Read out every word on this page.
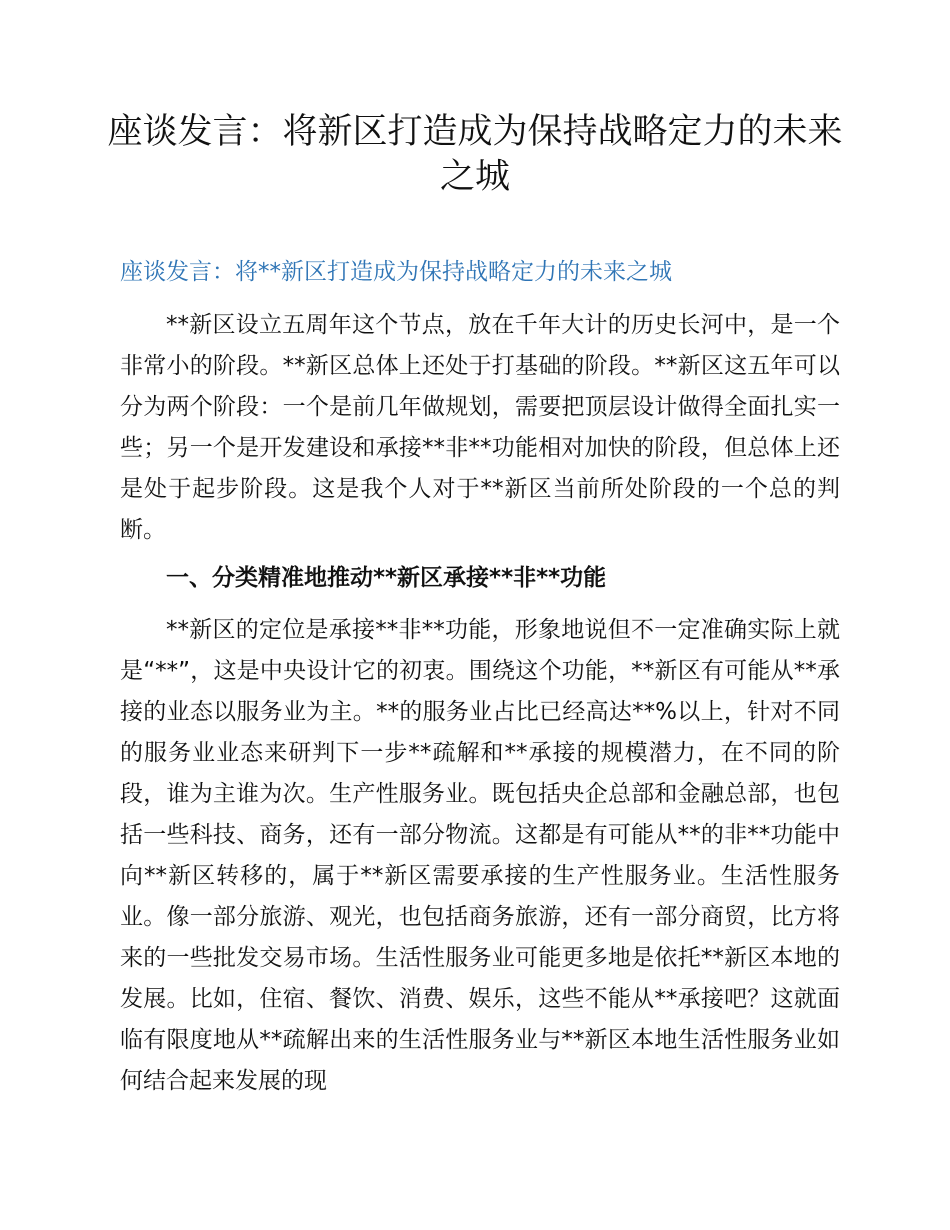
座谈发言：将新区打造成为保持战略定力的未来之城
座谈发言：将**新区打造成为保持战略定力的未来之城

**新区设立五周年这个节点，放在千年大计的历史长河中，是一个非常小的阶段。**新区总体上还处于打基础的阶段。**新区这五年可以分为两个阶段：一个是前几年做规划，需要把顶层设计做得全面扎实一些；另一个是开发建设和承接**非**功能相对加快的阶段，但总体上还是处于起步阶段。这是我个人对于**新区当前所处阶段的一个总的判断。

一、分类精准地推动**新区承接**非**功能

**新区的定位是承接**非**功能，形象地说但不一定准确实际上就是“**”，这是中央设计它的初衷。围绕这个功能，**新区有可能从**承接的业态以服务业为主。**的服务业占比已经高达**%以上，针对不同的服务业业态来研判下一步**疏解和**承接的规模潜力，在不同的阶段，谁为主谁为次。生产性服务业。既包括央企总部和金融总部，也包括一些科技、商务，还有一部分物流。这都是有可能从**的非**功能中向**新区转移的，属于**新区需要承接的生产性服务业。生活性服务业。像一部分旅游、观光，也包括商务旅游，还有一部分商贸，比方将来的一些批发交易市场。生活性服务业可能更多地是依托**新区本地的发展。比如，住宿、餐饮、消费、娱乐，这些不能从**承接吧？这就面临有限度地从**疏解出来的生活性服务业与**新区本地生活性服务业如何结合起来发展的现
